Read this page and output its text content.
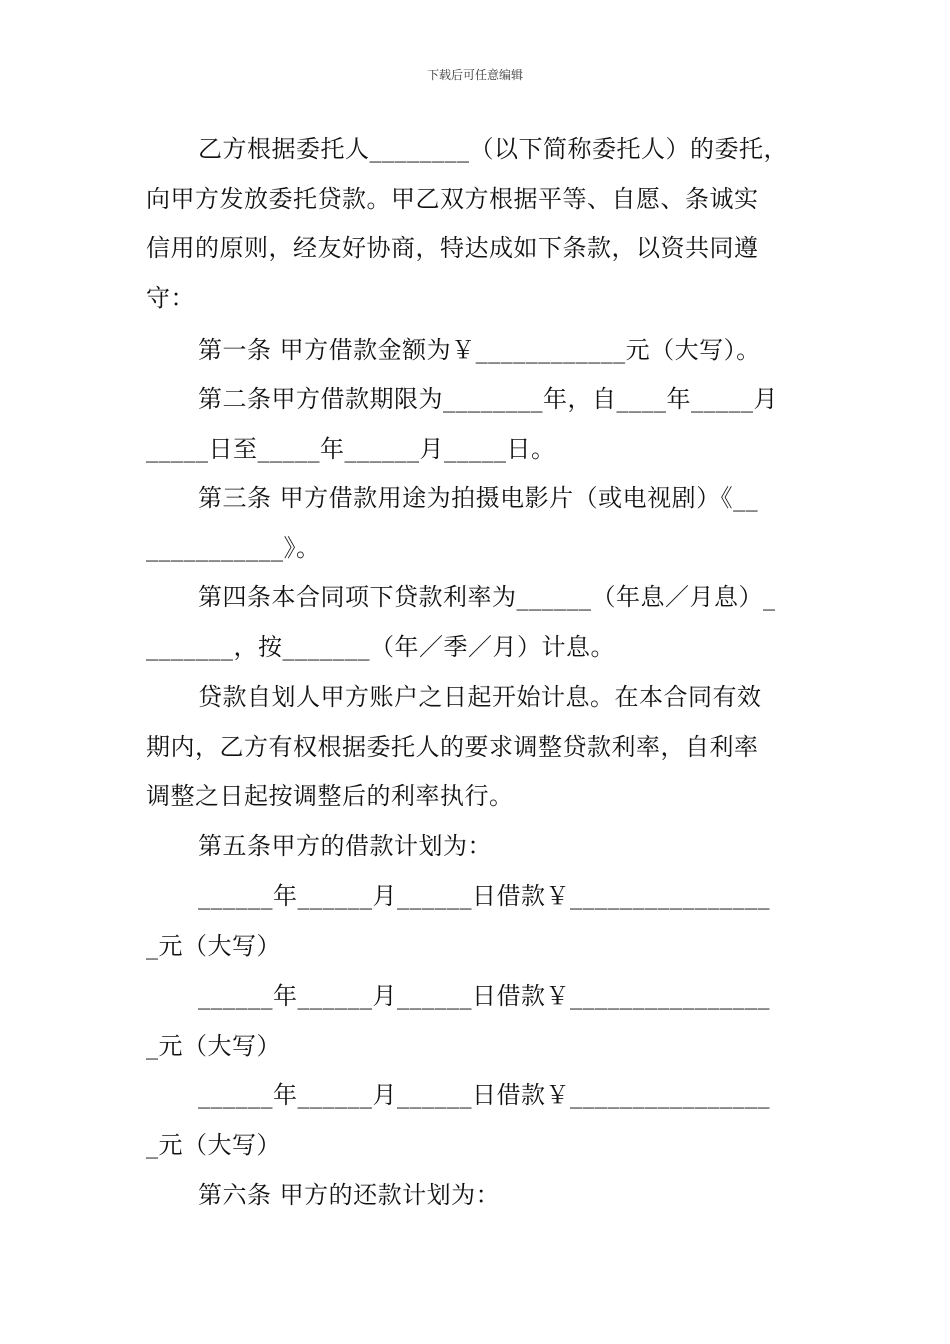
下载后可任意编辑
乙方根据委托人________（以下简称委托人）的委托，
向甲方发放委托贷款。甲乙双方根据平等、自愿、条诚实
信用的原则，经友好协商，特达成如下条款，以资共同遵
守：
第一条 甲方借款金额为￥____________元（大写）。
第二条甲方借款期限为________年，自____年_____月
_____日至_____年______月_____日。
第三条 甲方借款用途为拍摄电影片（或电视剧）《__
___________》。
第四条本合同项下贷款利率为______（年息／月息）_
_______，按_______（年／季／月）计息。
贷款自划人甲方账户之日起开始计息。在本合同有效
期内，乙方有权根据委托人的要求调整贷款利率，自利率
调整之日起按调整后的利率执行。
第五条甲方的借款计划为：
______年______月______日借款￥________________
_元（大写）
______年______月______日借款￥________________
_元（大写）
______年______月______日借款￥________________
_元（大写）
第六条 甲方的还款计划为：
